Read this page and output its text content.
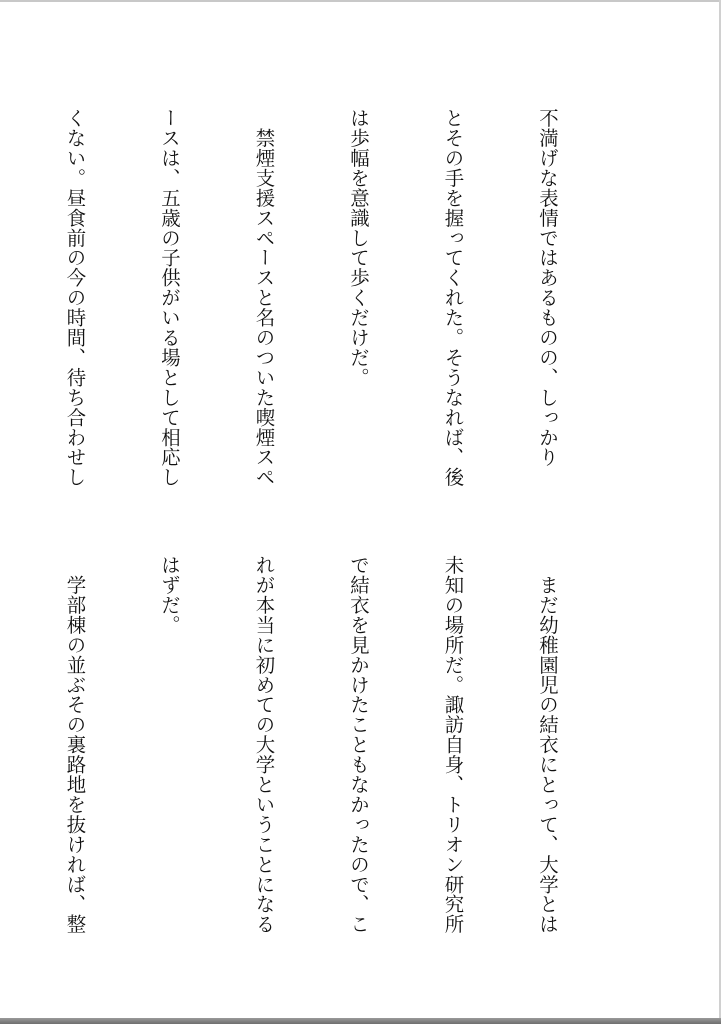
不満げな表情ではあるものの、しっかり

とその手を握ってくれた。そうなれば、後

は歩幅を意識して歩くだけだ。

　禁煙支援スペースと名のついた喫煙スペ

ースは、五歳の子供がいる場として相応し

くない。昼食前の今の時間、待ち合わせし

　まだ幼稚園児の結衣にとって、大学とは

未知の場所だ。諏訪自身、トリオン研究所

で結衣を見かけたこともなかったので、こ

れが本当に初めての大学ということになる

はずだ。

　学部棟の並ぶその裏路地を抜ければ、整
